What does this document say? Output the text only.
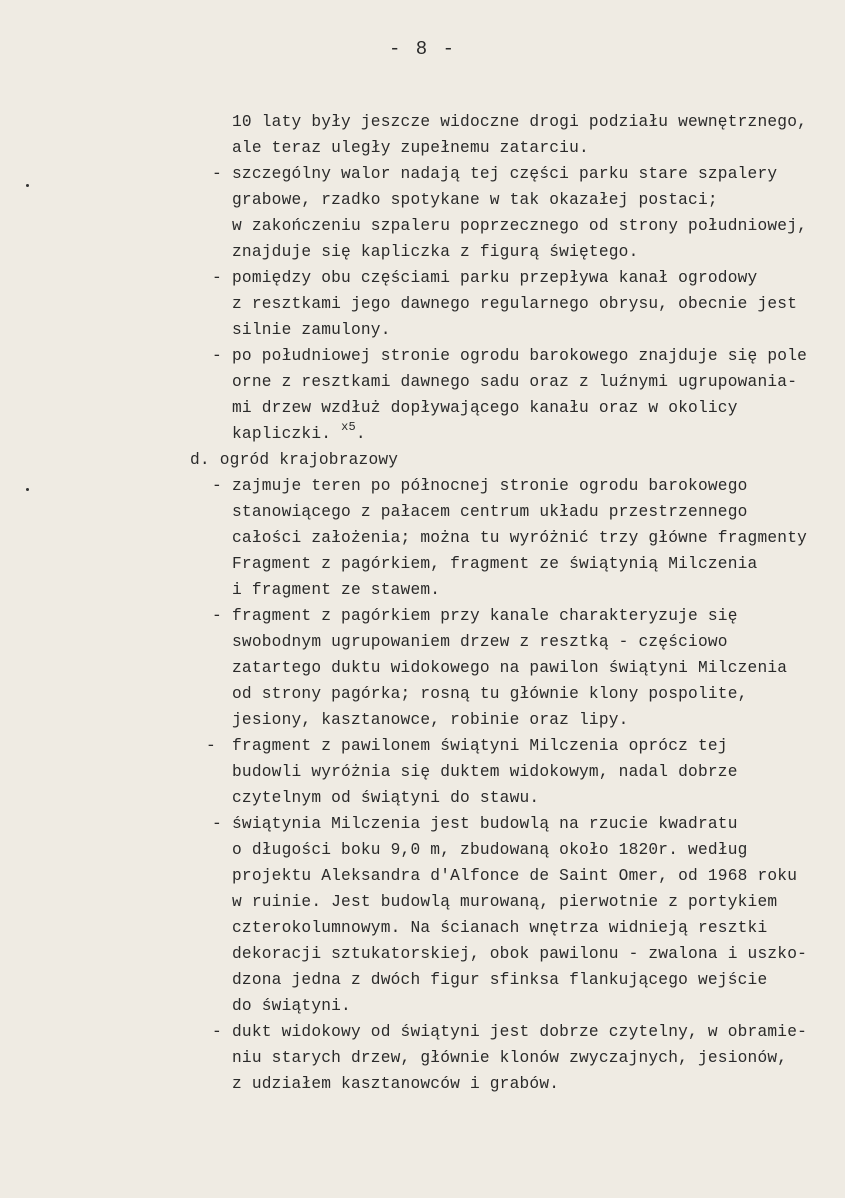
- 8 -
-
-
-
-
-
-
-
-
10 laty były jeszcze widoczne drogi podziału wewnętrznego,
ale teraz uległy zupełnemu zatarciu.
szczególny walor nadają tej części parku stare szpalery
grabowe, rzadko spotykane w tak okazałej postaci;
w zakończeniu szpaleru poprzecznego od strony południowej,
znajduje się kapliczka z figurą świętego.
pomiędzy obu częściami parku przepływa kanał ogrodowy
z resztkami jego dawnego regularnego obrysu, obecnie jest
silnie zamulony.
po południowej stronie ogrodu barokowego znajduje się pole
orne z resztkami dawnego sadu oraz z luźnymi ugrupowania-
mi drzew wzdłuż dopływającego kanału oraz w okolicy
kapliczki. $^{x5}$.
d. ogród krajobrazowy
zajmuje teren po północnej stronie ogrodu barokowego
stanowiącego z pałacem centrum układu przestrzennego
całości założenia; można tu wyróżnić trzy główne fragmenty
Fragment z pagórkiem, fragment ze świątynią Milczenia
i fragment ze stawem.
fragment z pagórkiem przy kanale charakteryzuje się
swobodnym ugrupowaniem drzew z resztką - częściowo
zatartego duktu widokowego na pawilon świątyni Milczenia
od strony pagórka; rosną tu głównie klony pospolite,
jesiony, kasztanowce, robinie oraz lipy.
fragment z pawilonem świątyni Milczenia oprócz tej
budowli wyróżnia się duktem widokowym, nadal dobrze
czytelnym od świątyni do stawu.
świątynia Milczenia jest budowlą na rzucie kwadratu
o długości boku 9,0 m, zbudowaną około 1820r. według
projektu Aleksandra d'Alfonce de Saint Omer, od 1968 roku
w ruinie. Jest budowlą murowaną, pierwotnie z portykiem
czterokolumnowym. Na ścianach wnętrza widnieją resztki
dekoracji sztukatorskiej, obok pawilonu - zwalona i uszko-
dzona jedna z dwóch figur sfinksa flankującego wejście
do świątyni.
dukt widokowy od świątyni jest dobrze czytelny, w obramie-
niu starych drzew, głównie klonów zwyczajnych, jesionów,
z udziałem kasztanowców i grabów.
